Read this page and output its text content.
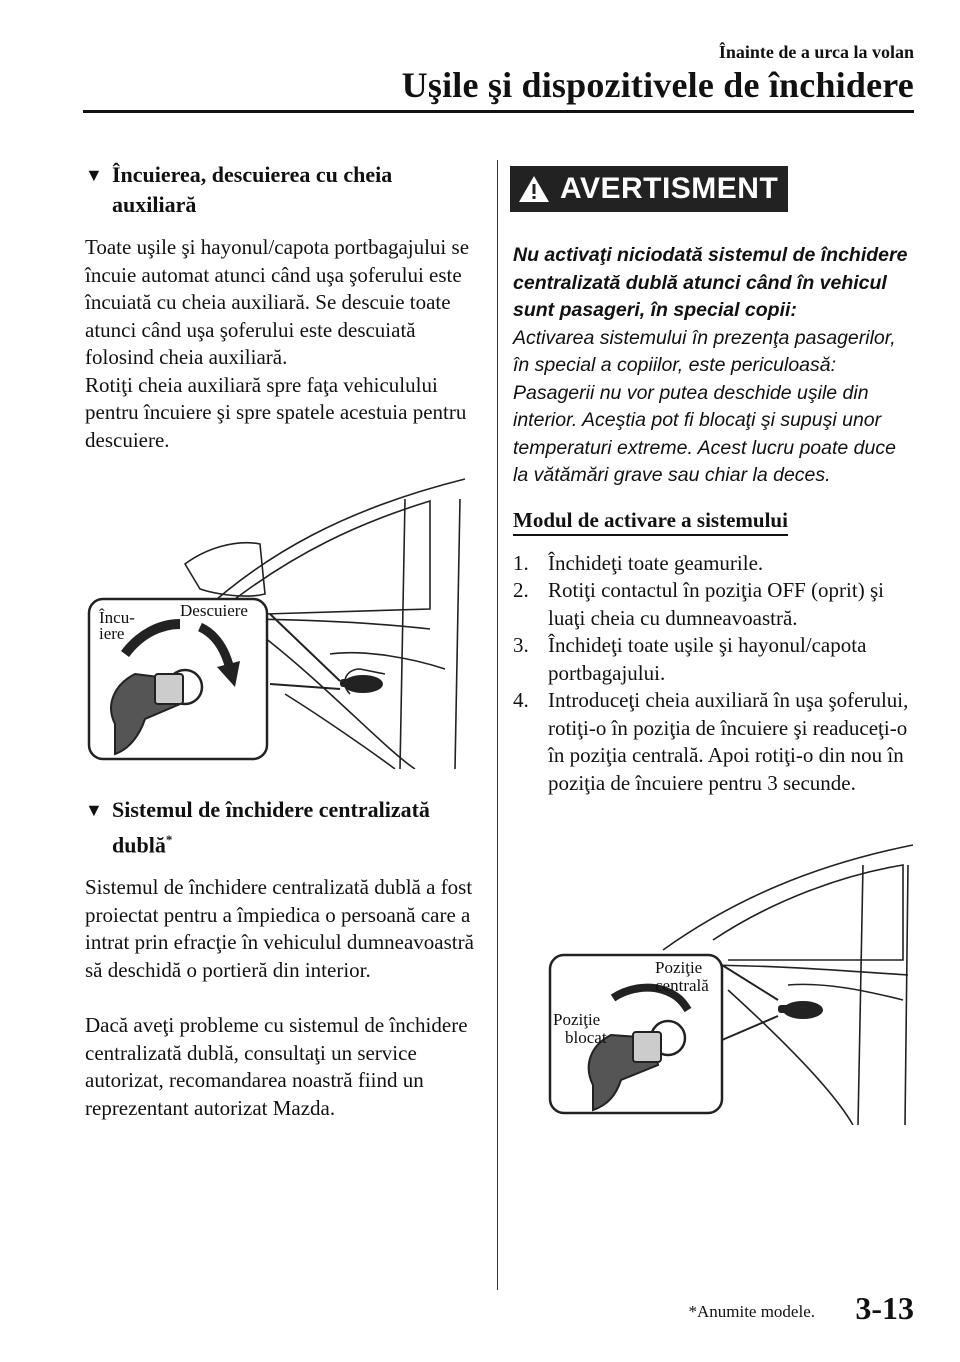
Înainte de a urca la volan
Uşile şi dispozitivele de închidere
▼ Încuierea, descuierea cu cheia auxiliară

Toate uşile şi hayonul/capota portbagajului se încuie automat atunci când uşa şoferului este încuiată cu cheia auxiliară. Se descuie toate atunci când uşa şoferului este descuiată folosind cheia auxiliară.

Rotiţi cheia auxiliară spre faţa vehiculului pentru încuiere şi spre spatele acestuia pentru descuiere.

Încu-
iere
Descuiere
▼ Sistemul de închidere centralizată dublă*

Sistemul de închidere centralizată dublă a fost proiectat pentru a împiedica o persoană care a intrat prin efracţie în vehiculul dumneavoastră să deschidă o portieră din interior.

Dacă aveţi probleme cu sistemul de închidere centralizată dublă, consultaţi un service autorizat, recomandarea noastră fiind un reprezentant autorizat Mazda.

AVERTISMENT
Nu activaţi niciodată sistemul de închidere centralizată dublă atunci când în vehicul sunt pasageri, în special copii:
Activarea sistemului în prezenţa pasagerilor, în special a copiilor, este periculoasă: Pasagerii nu vor putea deschide uşile din interior. Aceştia pot fi blocaţi şi supuşi unor temperaturi extreme. Acest lucru poate duce la vătămări grave sau chiar la deces.
Modul de activare a sistemului
1. Închideţi toate geamurile.
2. Rotiţi contactul în poziţia OFF (oprit) şi luaţi cheia cu dumneavoastră.
3. Închideţi toate uşile şi hayonul/capota portbagajului.
4. Introduceţi cheia auxiliară în uşa şoferului, rotiţi-o în poziţia de încuiere şi readuceţi-o în poziţia centrală. Apoi rotiţi-o din nou în poziţia de încuiere pentru 3 secunde.
Poziţie
centrală
Poziţie
blocat
*Anumite modele. 3-13
